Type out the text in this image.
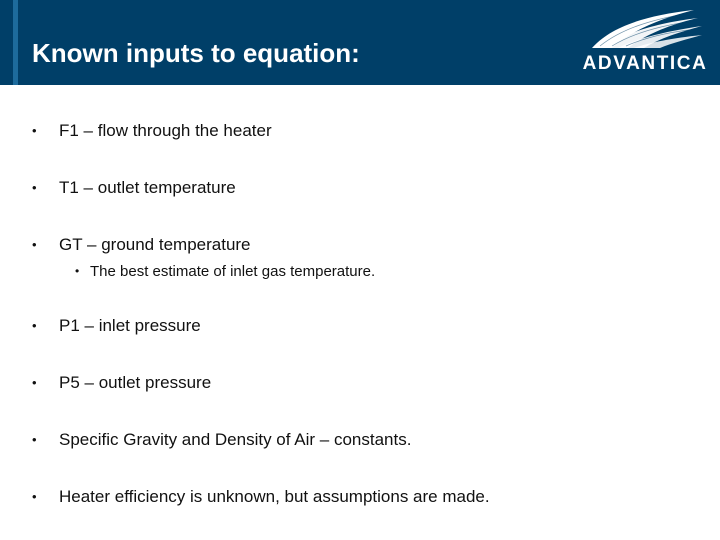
Known inputs to equation:	ADVANTICA
• F1 – flow through the heater
• T1 – outlet temperature
• GT – ground temperature
• The best estimate of inlet gas temperature.
• P1 – inlet pressure
• P5 – outlet pressure
• Specific Gravity and Density of Air – constants.
• Heater efficiency is unknown, but assumptions are made.
